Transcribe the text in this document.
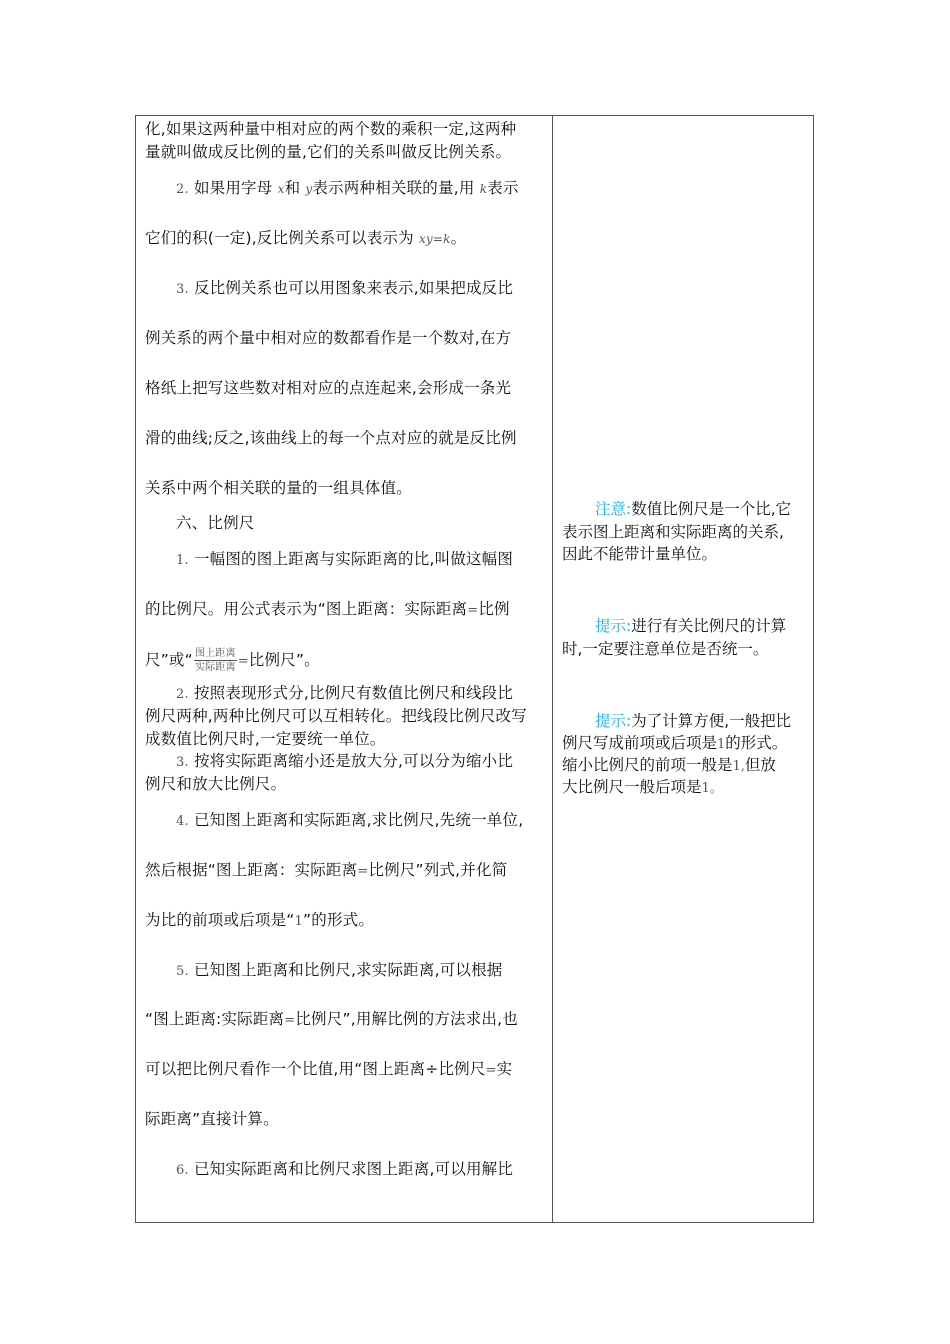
化,如果这两种量中相对应的两个数的乘积一定,这两种
量就叫做成反比例的量,它们的关系叫做反比例关系。
2. 如果用字母 x和 y表示两种相关联的量,用 k表示
它们的积(一定),反比例关系可以表示为 xy=k。
3. 反比例关系也可以用图象来表示,如果把成反比
例关系的两个量中相对应的数都看作是一个数对,在方
格纸上把写这些数对相对应的点连起来,会形成一条光
滑的曲线;反之,该曲线上的每一个点对应的就是反比例
关系中两个相关联的量的一组具体值。
六、比例尺
1. 一幅图的图上距离与实际距离的比,叫做这幅图
的比例尺。用公式表示为“图上距离：实际距离=比例
尺”或“ $\frac{\text{图上距离}}{\text{实际距离}}$ =比例尺”。
2. 按照表现形式分,比例尺有数值比例尺和线段比
例尺两种,两种比例尺可以互相转化。把线段比例尺改写
成数值比例尺时,一定要统一单位。
3. 按将实际距离缩小还是放大分,可以分为缩小比
例尺和放大比例尺。
4. 已知图上距离和实际距离,求比例尺,先统一单位,
然后根据“图上距离：实际距离=比例尺”列式,并化简
为比的前项或后项是“1”的形式。
5. 已知图上距离和比例尺,求实际距离,可以根据
“图上距离:实际距离=比例尺”,用解比例的方法求出,也
可以把比例尺看作一个比值,用“图上距离÷比例尺=实
际距离”直接计算。
6. 已知实际距离和比例尺求图上距离,可以用解比
注意:数值比例尺是一个比,它
表示图上距离和实际距离的关系,
因此不能带计量单位。
提示:进行有关比例尺的计算
时,一定要注意单位是否统一。
提示:为了计算方便,一般把比
例尺写成前项或后项是1的形式。
缩小比例尺的前项一般是1,但放
大比例尺一般后项是1。
